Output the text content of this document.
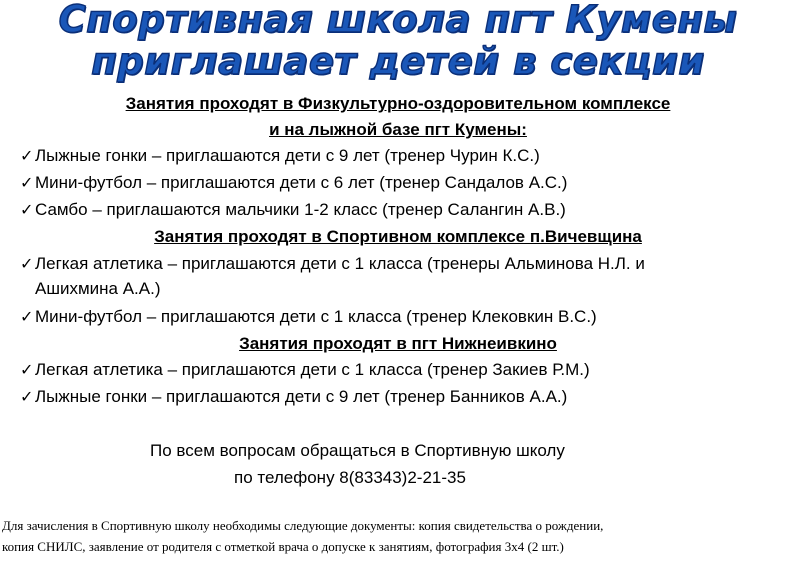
Спортивная школа пгт Кумены
приглашает детей в секции
Занятия проходят в Физкультурно-оздоровительном комплексе
и на лыжной базе пгт Кумены:
✓Лыжные гонки – приглашаются дети с 9 лет (тренер Чурин К.С.)
✓Мини-футбол – приглашаются дети с 6 лет (тренер Сандалов А.С.)
✓Самбо – приглашаются мальчики 1-2 класс (тренер Салангин А.В.)
Занятия проходят в Спортивном комплексе п.Вичевщина
✓Легкая атлетика – приглашаются дети с 1 класса (тренеры Альминова Н.Л. и
Ашихмина А.А.)
✓Мини-футбол – приглашаются дети с 1 класса (тренер Клековкин В.С.)
Занятия проходят в пгт Нижнеивкино
✓Легкая атлетика – приглашаются дети с 1 класса (тренер Закиев Р.М.)
✓Лыжные гонки – приглашаются дети с 9 лет (тренер Банников А.А.)
По всем вопросам обращаться в Спортивную школу
по телефону 8(83343)2-21-35
Для зачисления в Спортивную школу необходимы следующие документы: копия свидетельства о рождении,
копия СНИЛС, заявление от родителя с отметкой врача о допуске к занятиям, фотография 3х4 (2 шт.)
